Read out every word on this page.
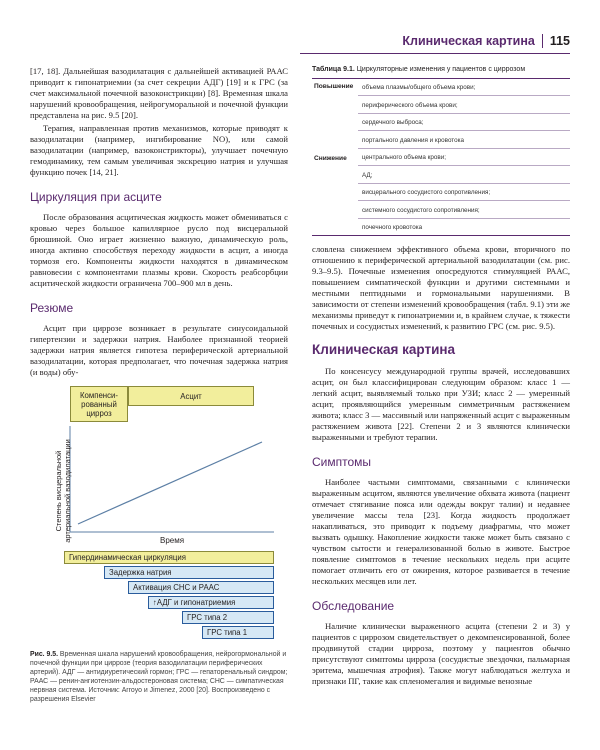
Клиническая картина 115

[17, 18]. Дальнейшая вазодилатация с дальнейшей активацией РААС приводит к гипонатриемии (за счет секреции АДГ) [19] и к ГРС (за счет максимальной почечной вазоконстрикции) [8]. Временная шкала нарушений кровообращения, нейрогуморальной и почечной функции представлена на рис. 9.5 [20].

Терапия, направленная против механизмов, которые приводят к вазодилатации (например, ингибирование NO), или самой вазодилатации (например, вазоконстрикторы), улучшает почечную гемодинамику, тем самым увеличивая экскрецию натрия и улучшая функцию почек [14, 21].

Циркуляция при асците

После образования асцитическая жидкость может обмениваться с кровью через большое капиллярное русло под висцеральной брюшиной. Оно играет жизненно важную, динамическую роль, иногда активно способствуя переходу жидкости в асцит, а иногда тормозя его. Компоненты жидкости находятся в динамическом равновесии с компонентами плазмы крови. Скорость реабсорбции асцитической жидкости ограничена 700–900 мл в день.

Резюме

Асцит при циррозе возникает в результате синусоидальной гипертензии и задержки натрия. Наиболее признанной теорией задержки натрия является гипотеза периферической артериальной вазодилатации, которая предполагает, что почечная задержка натрия (и воды) обу-

Компенси-рованный цирроз
Асцит
Степень висцеральной артериальной вазодилатации	Время
Гипердинамическая циркуляция
Задержка натрия
Активация СНС и РААС
↑АДГ и гипонатриемия
ГРС типа 2
ГРС типа 1
Рис. 9.5. Временная шкала нарушений кровообращения, нейрогормональной и почечной функции при циррозе (теория вазодилатации периферических артерий). АДГ — антидиуретический гормон; ГРС — гепаторенальный синдром; РААС — ренин-ангиотензин-альдостероновая система; СНС — симпатическая нервная система. Источник: Arroyo и Jimenez, 2000 [20]. Воспроизведено с разрешения Elsevier
Таблица 9.1. Циркуляторные изменения у пациентов с циррозом
Повышение
Снижение
объема плазмы/общего объема крови;
периферического объема крови;
сердечного выброса;
портального давления и кровотока
центрального объема крови;
АД;
висцерального сосудистого сопротивления;
системного сосудистого сопротивления;
почечного кровотока

словлена снижением эффективного объема крови, вторичного по отношению к периферической артериальной вазодилатации (см. рис. 9.3–9.5). Почечные изменения опосредуются стимуляцией РААС, повышением симпатической функции и другими системными и местными пептидными и гормональными нарушениями. В зависимости от степени изменений кровообращения (табл. 9.1) эти же механизмы приведут к гипонатриемии и, в крайнем случае, к тяжести почечных и сосудистых изменений, к развитию ГРС (см. рис. 9.5).

Клиническая картина

По консенсусу международной группы врачей, исследовавших асцит, он был классифицирован следующим образом: класс 1 — легкий асцит, выявляемый только при УЗИ; класс 2 — умеренный асцит, проявляющийся умеренным симметричным растяжением живота; класс 3 — массивный или напряженный асцит с выраженным растяжением живота [22]. Степени 2 и 3 являются клинически выраженными и требуют терапии.

Симптомы

Наиболее частыми симптомами, связанными с клинически выраженным асцитом, являются увеличение обхвата живота (пациент отмечает стягивание пояса или одежды вокруг талии) и недавнее увеличение массы тела [23]. Когда жидкость продолжает накапливаться, это приводит к подъему диафрагмы, что может вызвать одышку. Накопление жидкости также может быть связано с чувством сытости и генерализованной болью в животе. Быстрое появление симптомов в течение нескольких недель при асците помогает отличить его от ожирения, которое развивается в течение нескольких месяцев или лет.

Обследование

Наличие клинически выраженного асцита (степени 2 и 3) у пациентов с циррозом свидетельствует о декомпенсированной, более продвинутой стадии цирроза, поэтому у пациентов обычно присутствуют симптомы цирроза (сосудистые звездочки, пальмарная эритема, мышечная атрофия). Также могут наблюдаться желтуха и признаки ПГ, такие как спленомегалия и видимые венозные
